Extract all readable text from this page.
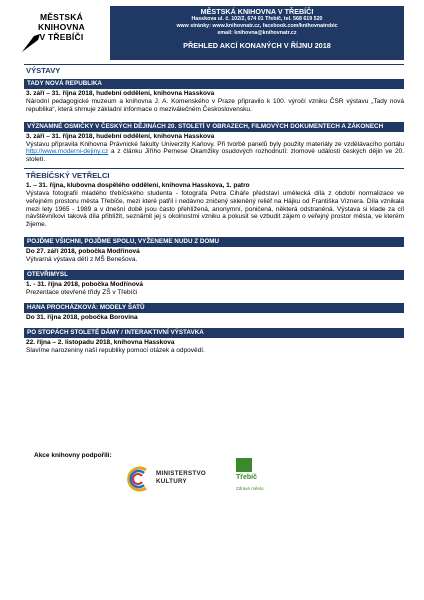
MĚSTSKÁ
KNIHOVNA
V TŘEBÍČI
MĚSTSKÁ KNIHOVNA V TŘEBÍČI
Hasskova ul. č. 102/2, 674 01 Třebíč, tel. 568 619 520
www stránky: www.knihovnatr.cz, facebook.com/knihovnatrebic
email: knihovna@knihovnatr.cz
PŘEHLED AKCÍ KONANÝCH V ŘÍJNU 2018
VÝSTAVY
TADY NOVÁ REPUBLIKA
3. září – 31. října 2018, hudební oddělení, knihovna Hasskova
Národní pedagogické muzeum a knihovna J. A. Komenského v Praze připravilo k 100. výročí vzniku ČSR výstavu „Tady nová republika“, která shrnuje základní informace o meziválečném Československu.
VÝZNAMNÉ OSMIČKY V ČESKÝCH DĚJINÁCH 20. STOLETÍ V OBRAZECH, FILMOVÝCH DOKUMENTECH A ZÁKONECH
3. září – 31. října 2018, hudební oddělení, knihovna Hasskova
Výstavu připravila Knihovna Právnické fakulty Univerzity Karlovy. Při tvorbě panelů byly použity materiály ze vzdělávacího portálu http://www.moderni-dejiny.cz a z článku Jiřího Pernese Okamžiky osudových rozhodnutí: zlomové události českých dějin ve 20. století.
TŘEBÍČSKÝ VETŘELCI
1. – 31. října, klubovna dospělého oddělení, knihovna Hasskova, 1. patro
Výstava fotografií mladého třebíčského studenta - fotografa Petra Ciháře představí umělecká díla z období normalizace ve veřejném prostoru města Třebíče, mezi které patřil i nedávno zničený skleněný reliéf na Hájku od Františka Víznera. Díla vznikala mezi lety 1965 - 1989 a v dnešní době jsou často přehlížená, anonymní, poničená, některá odstraněná. Výstava si klade za cíl návštěvníkovi taková díla přiblížit, seznámit jej s okolnostmi vzniku a pokusit se vzbudit zájem o veřejný prostor města, ve kterém žijeme.
POJĎME VŠICHNI, POJĎME SPOLU, VYŽENEME NUDU Z DOMU
Do 27. září 2018, pobočka Modřínová
Výtvarná výstava dětí z MŠ Benešova.
OTEVŘIMYSL
1. - 31. října 2018, pobočka Modřínová
Prezentace otevřené třídy ZŠ v Třebíči
HANA PROCHÁZKOVÁ: MODELY ŠATŮ
Do 31. října 2018, pobočka Borovina
PO STOPÁCH STOLETÉ DÁMY / INTERAKTIVNÍ VÝSTAVKA
22. října – 2. listopadu 2018, knihovna Hasskova
Slavíme narozeniny naší republiky pomocí otázek a odpovědí.
Akce knihovny podpořili:
MINISTERSTVO KULTURY	Třebíč
Zdravé město
